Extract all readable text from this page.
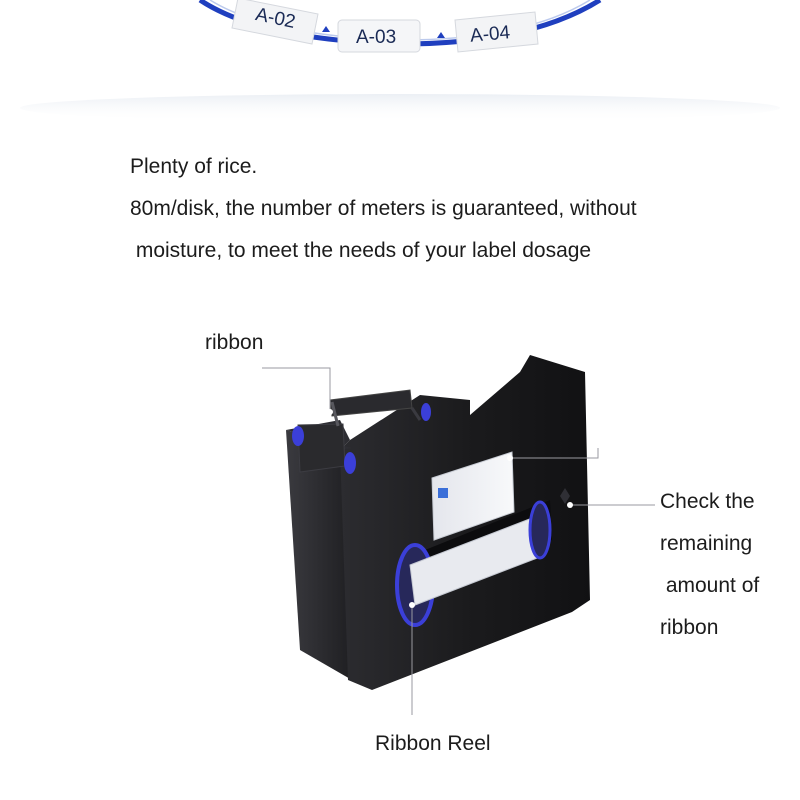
A-02
A-03	A-04
Plenty of rice.
80m/disk, the number of meters is guaranteed, without
moisture, to meet the needs of your label dosage
ribbon
Check the
remaining
amount of
ribbon
Ribbon Reel
